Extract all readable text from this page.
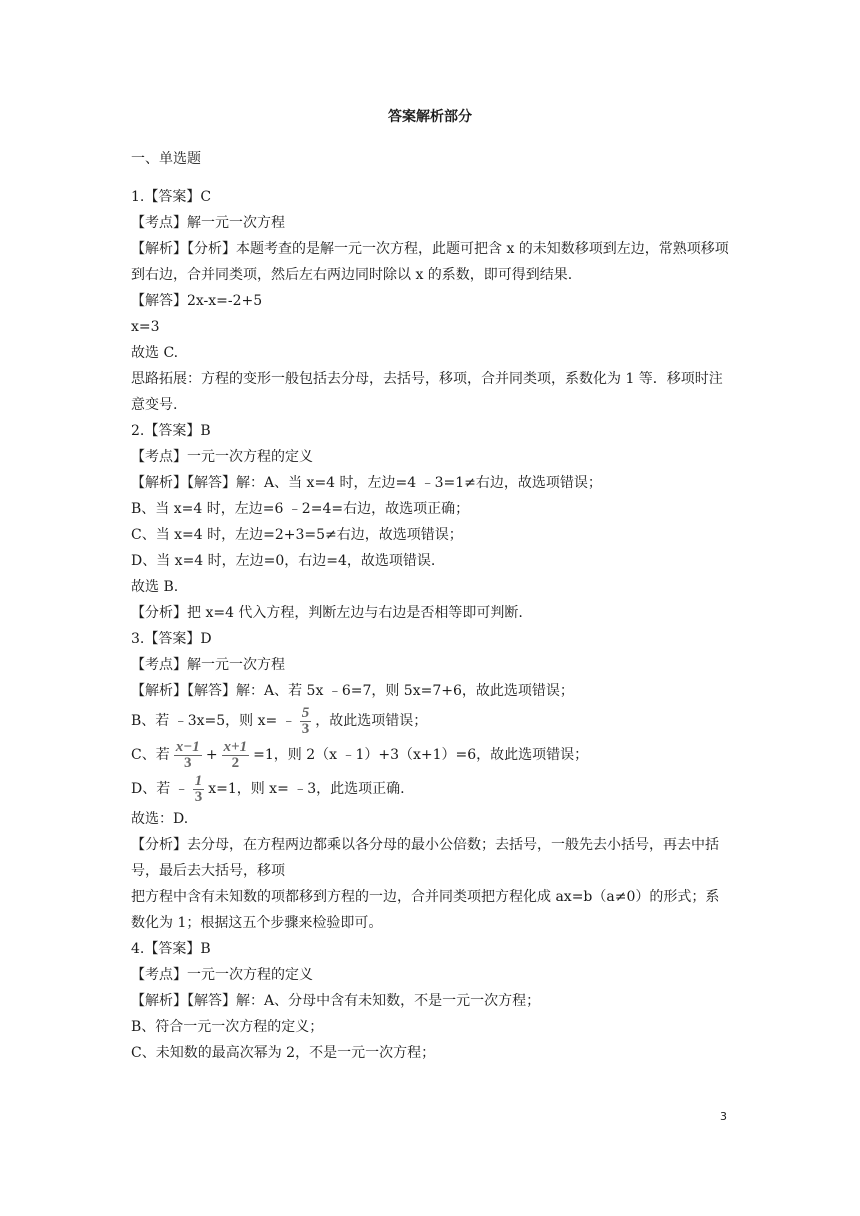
答案解析部分
一、单选题
1.【答案】C
【考点】解一元一次方程
【解析】【分析】本题考查的是解一元一次方程，此题可把含 x 的未知数移项到左边，常熟项移项到右边，合并同类项，然后左右两边同时除以 x 的系数，即可得到结果.
【解答】2x-x=-2+5
x=3
故选 C.
思路拓展：方程的变形一般包括去分母，去括号，移项，合并同类项，系数化为 1 等．移项时注意变号.
2.【答案】B
【考点】一元一次方程的定义
【解析】【解答】解：A、当 x=4 时，左边=4 ﹣3=1≠右边，故选项错误；
B、当 x=4 时，左边=6 ﹣2=4=右边，故选项正确；
C、当 x=4 时，左边=2+3=5≠右边，故选项错误；
D、当 x=4 时，左边=0，右边=4，故选项错误.
故选 B.
【分析】把 x=4 代入方程，判断左边与右边是否相等即可判断.
3.【答案】D
【考点】解一元一次方程
【解析】【解答】解：A、若 5x ﹣6=7，则 5x=7+6，故此选项错误；
B、若 ﹣3x=5，则 x= ﹣ $\frac{5}{3}$ ，故此选项错误；
C、若 $\frac{x-1}{3} + \frac{x+1}{2} =1$，则 2（x ﹣1）+3（x+1）=6，故此选项错误；
D、若 ﹣ $\frac{1}{3} x=1$，则 x= ﹣3，此选项正确.
故选：D.
【分析】去分母，在方程两边都乘以各分母的最小公倍数；去括号，一般先去小括号，再去中括号，最后去大括号，移项
把方程中含有未知数的项都移到方程的一边，合并同类项把方程化成 ax=b（a≠0）的形式；系数化为 1；根据这五个步骤来检验即可。
4.【答案】B
【考点】一元一次方程的定义
【解析】【解答】解：A、分母中含有未知数，不是一元一次方程；
B、符合一元一次方程的定义；
C、未知数的最高次幂为 2，不是一元一次方程；
3
